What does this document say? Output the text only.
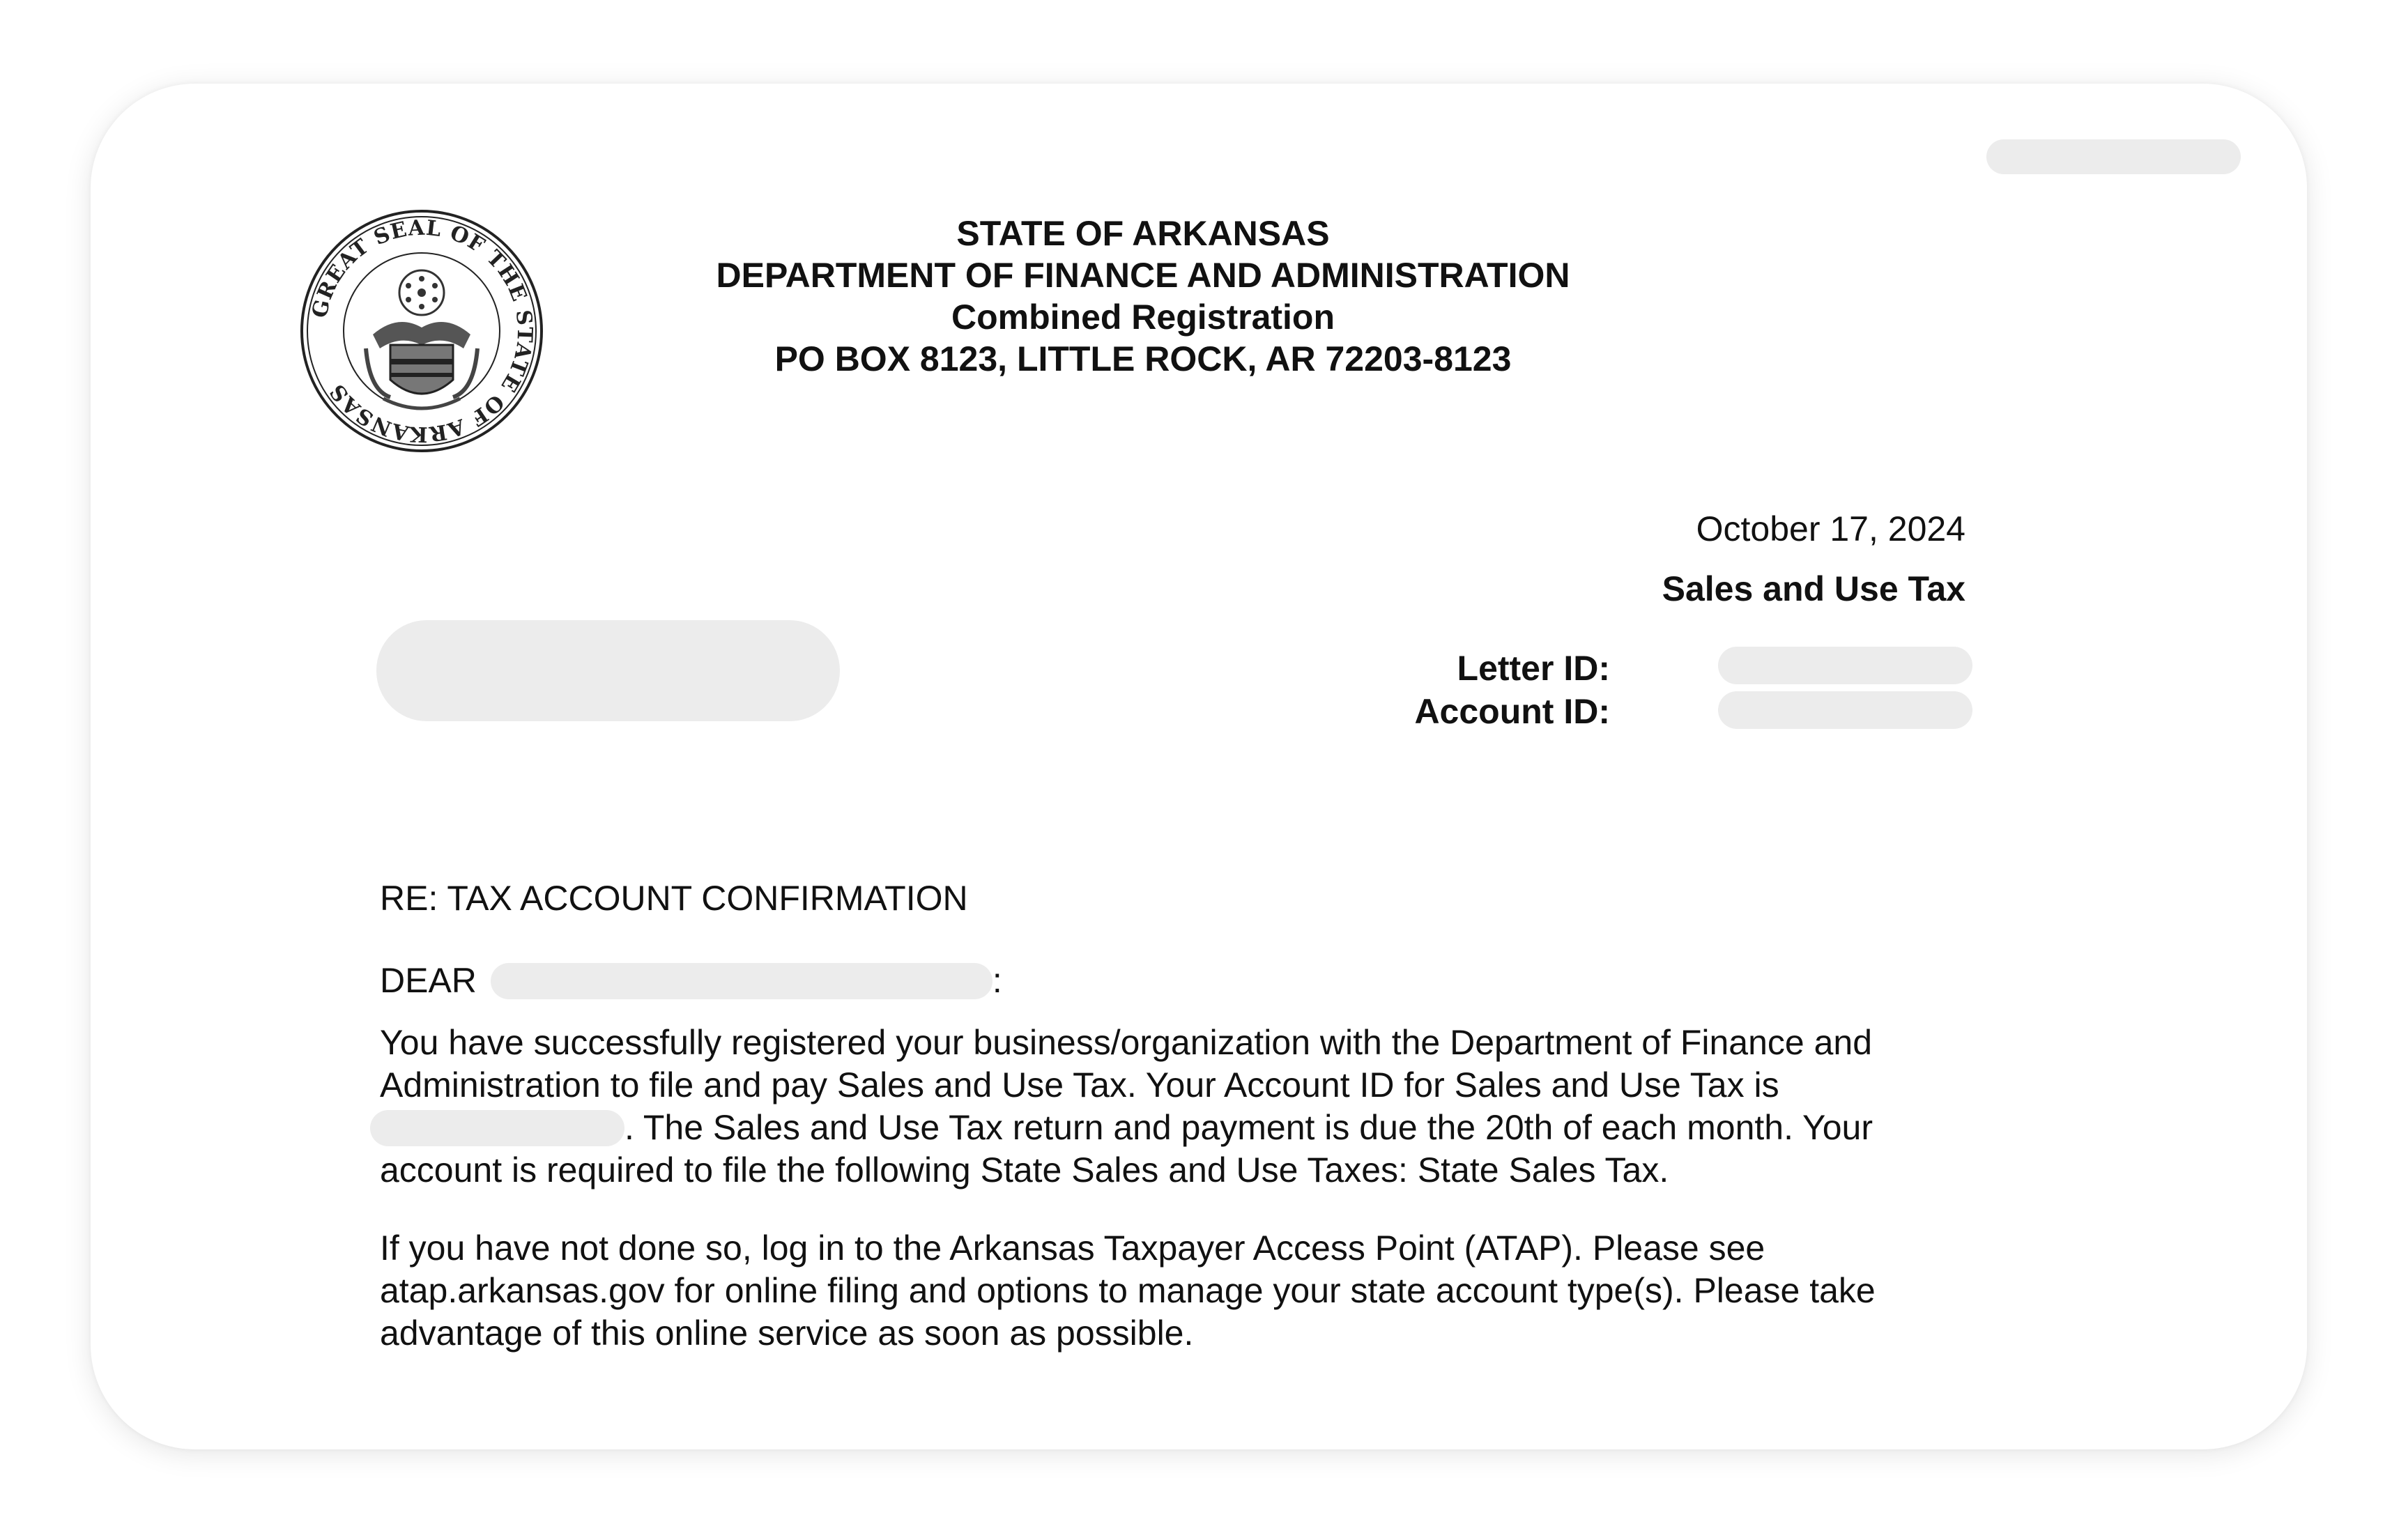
GREAT SEAL OF THE STATE OF ARKANSAS
STATE OF ARKANSAS
DEPARTMENT OF FINANCE AND ADMINISTRATION
Combined Registration
PO BOX 8123, LITTLE ROCK, AR 72203-8123
October 17, 2024
Sales and Use Tax
Letter ID:
Account ID:
RE: TAX ACCOUNT CONFIRMATION
DEAR	:
You have successfully registered your business/organization with the Department of Finance and
Administration to file and pay Sales and Use Tax. Your Account ID for Sales and Use Tax is
. The Sales and Use Tax return and payment is due the 20th of each month. Your
account is required to file the following State Sales and Use Taxes: State Sales Tax.
If you have not done so, log in to the Arkansas Taxpayer Access Point (ATAP). Please see
atap.arkansas.gov for online filing and options to manage your state account type(s). Please take
advantage of this online service as soon as possible.
